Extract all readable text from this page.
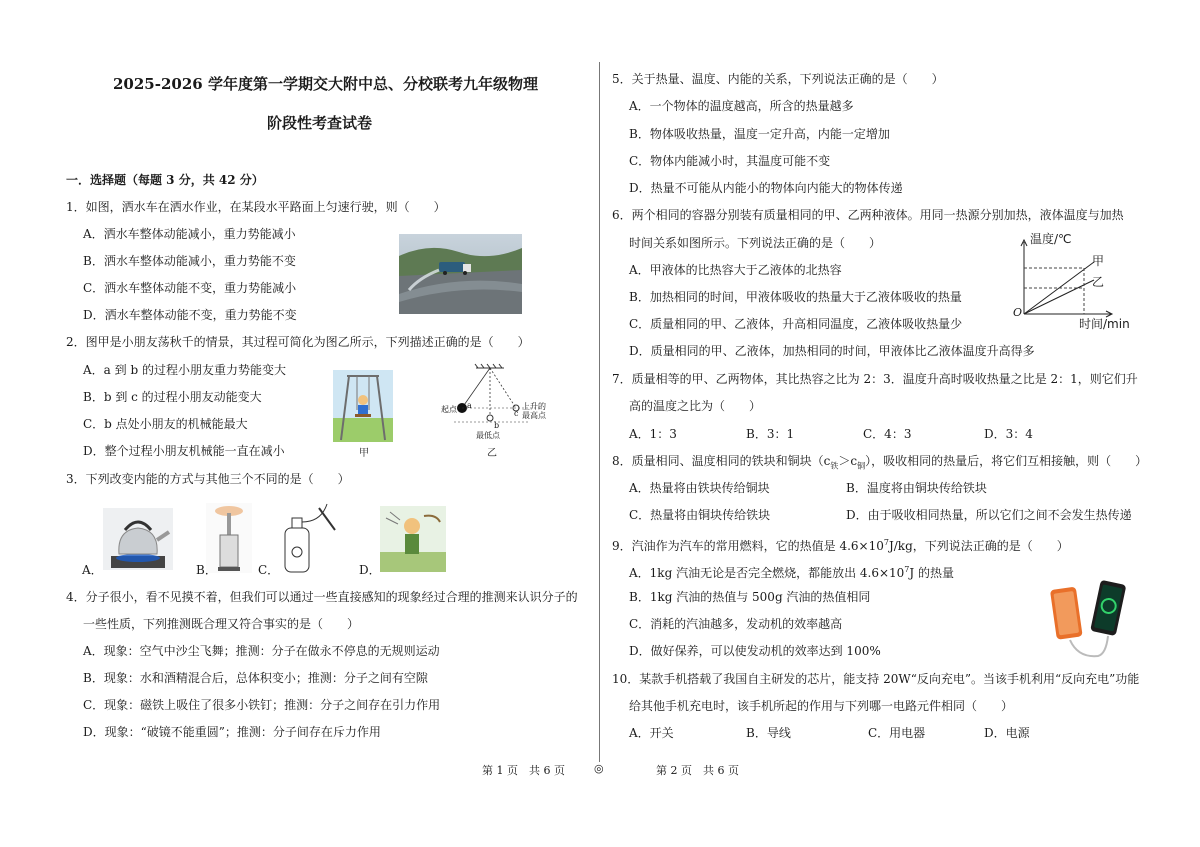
2025-2026 学年度第一学期交大附中总、分校联考九年级物理
阶段性考查试卷
一．选择题（每题 3 分，共 42 分）
1．如图，洒水车在洒水作业，在某段水平路面上匀速行驶，则（　　）
A．洒水车整体动能减小，重力势能减小
B．洒水车整体动能减小，重力势能不变
C．洒水车整体动能不变，重力势能减小
D．洒水车整体动能不变，重力势能不变
2．图甲是小朋友荡秋千的情景，其过程可简化为图乙所示，下列描述正确的是（　　）
A．a 到 b 的过程小朋友重力势能变大
B．b 到 c 的过程小朋友动能变大
C．b 点处小朋友的机械能最大
D．整个过程小朋友机械能一直在减小	甲
起点 a
b
c
最低点
上升的
最高点
乙
3．下列改变内能的方式与其他三个不同的是（　　）
A．	B．	C．	D．
4．分子很小，看不见摸不着，但我们可以通过一些直接感知的现象经过合理的推测来认识分子的
一些性质，下列推测既合理又符合事实的是（　　）
A．现象：空气中沙尘飞舞；推测：分子在做永不停息的无规则运动
B．现象：水和酒精混合后，总体积变小；推测：分子之间有空隙
C．现象：磁铁上吸住了很多小铁钉；推测：分子之间存在引力作用
D．现象：“破镜不能重圆”；推测：分子间存在斥力作用
5．关于热量、温度、内能的关系，下列说法正确的是（　　）
A．一个物体的温度越高，所含的热量越多
B．物体吸收热量，温度一定升高，内能一定增加
C．物体内能减小时，其温度可能不变
D．热量不可能从内能小的物体向内能大的物体传递
6．两个相同的容器分别装有质量相同的甲、乙两种液体。用同一热源分别加热，液体温度与加热
时间关系如图所示。下列说法正确的是（　　）
A．甲液体的比热容大于乙液体的北热容
B．加热相同的时间，甲液体吸收的热量大于乙液体吸收的热量
C．质量相同的甲、乙液体，升高相同温度，乙液体吸收热量少
D．质量相同的甲、乙液体，加热相同的时间，甲液体比乙液体温度升高得多
温度/℃
时间/min
O
甲
乙
7．质量相等的甲、乙两物体，其比热容之比为 2：3．温度升高时吸收热量之比是 2：1，则它们升
高的温度之比为（　　）
A．1：3	B．3：1	C．4：3	D．3：4
8．质量相同、温度相同的铁块和铜块$(c_铁>c_铜)$，吸收相同的热量后，将它们互相接触，则（　　）
A．热量将由铁块传给铜块	B．温度将由铜块传给铁块
C．热量将由铜块传给铁块	D．由于吸收相同热量，所以它们之间不会发生热传递
9．汽油作为汽车的常用燃料，它的热值是 $4.6\times 10^7J/kg$，下列说法正确的是（　　）
A．1kg 汽油无论是否完全燃烧，都能放出 $4.6\times 10^7J$ 的热量
B．1kg 汽油的热值与 500g 汽油的热值相同
C．消耗的汽油越多，发动机的效率越高
D．做好保养，可以使发动机的效率达到 100%
10．某款手机搭载了我国自主研发的芯片，能支持 20W“反向充电”。当该手机利用“反向充电”功能
给其他手机充电时，该手机所起的作用与下列哪一电路元件相同（　　）
A．开关	B．导线	C．用电器	D．电源
第 1 页　共 6 页	◎	第 2 页　共 6 页
